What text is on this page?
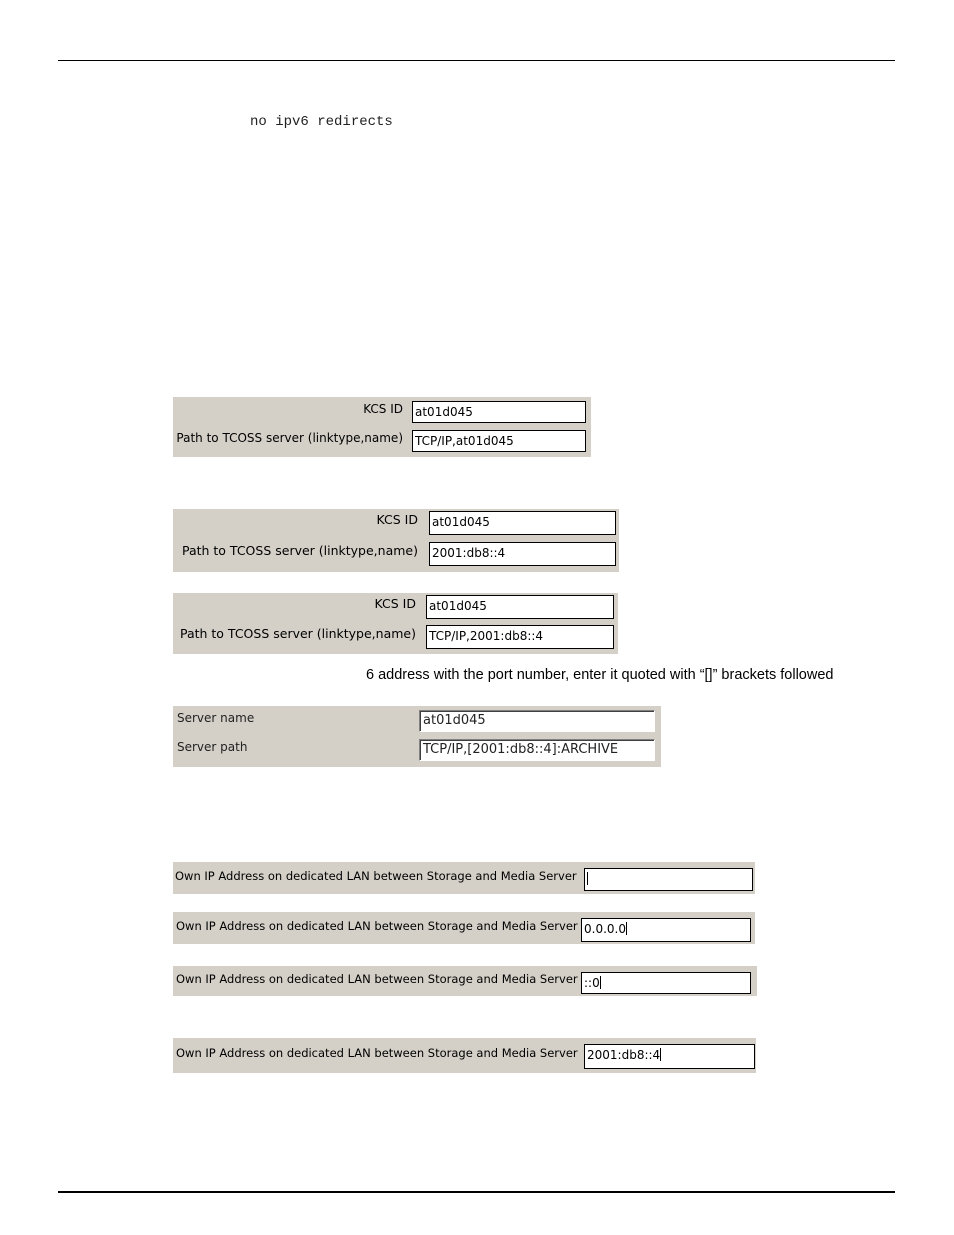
no ipv6 redirects
KCS ID at01d045
Path to TCOSS server (linktype,name) TCP/IP,at01d045
KCS ID at01d045
Path to TCOSS server (linktype,name) 2001:db8::4
KCS ID at01d045
Path to TCOSS server (linktype,name) TCP/IP,2001:db8::4
6 address with the port number, enter it quoted with “[]” brackets followed
Server name	at01d045
Server path	TCP/IP,[2001:db8::4]:ARCHIVE
Own IP Address on dedicated LAN between Storage and Media Server
Own IP Address on dedicated LAN between Storage and Media Server 0.0.0.0
Own IP Address on dedicated LAN between Storage and Media Server ::0
Own IP Address on dedicated LAN between Storage and Media Server 2001:db8::4
